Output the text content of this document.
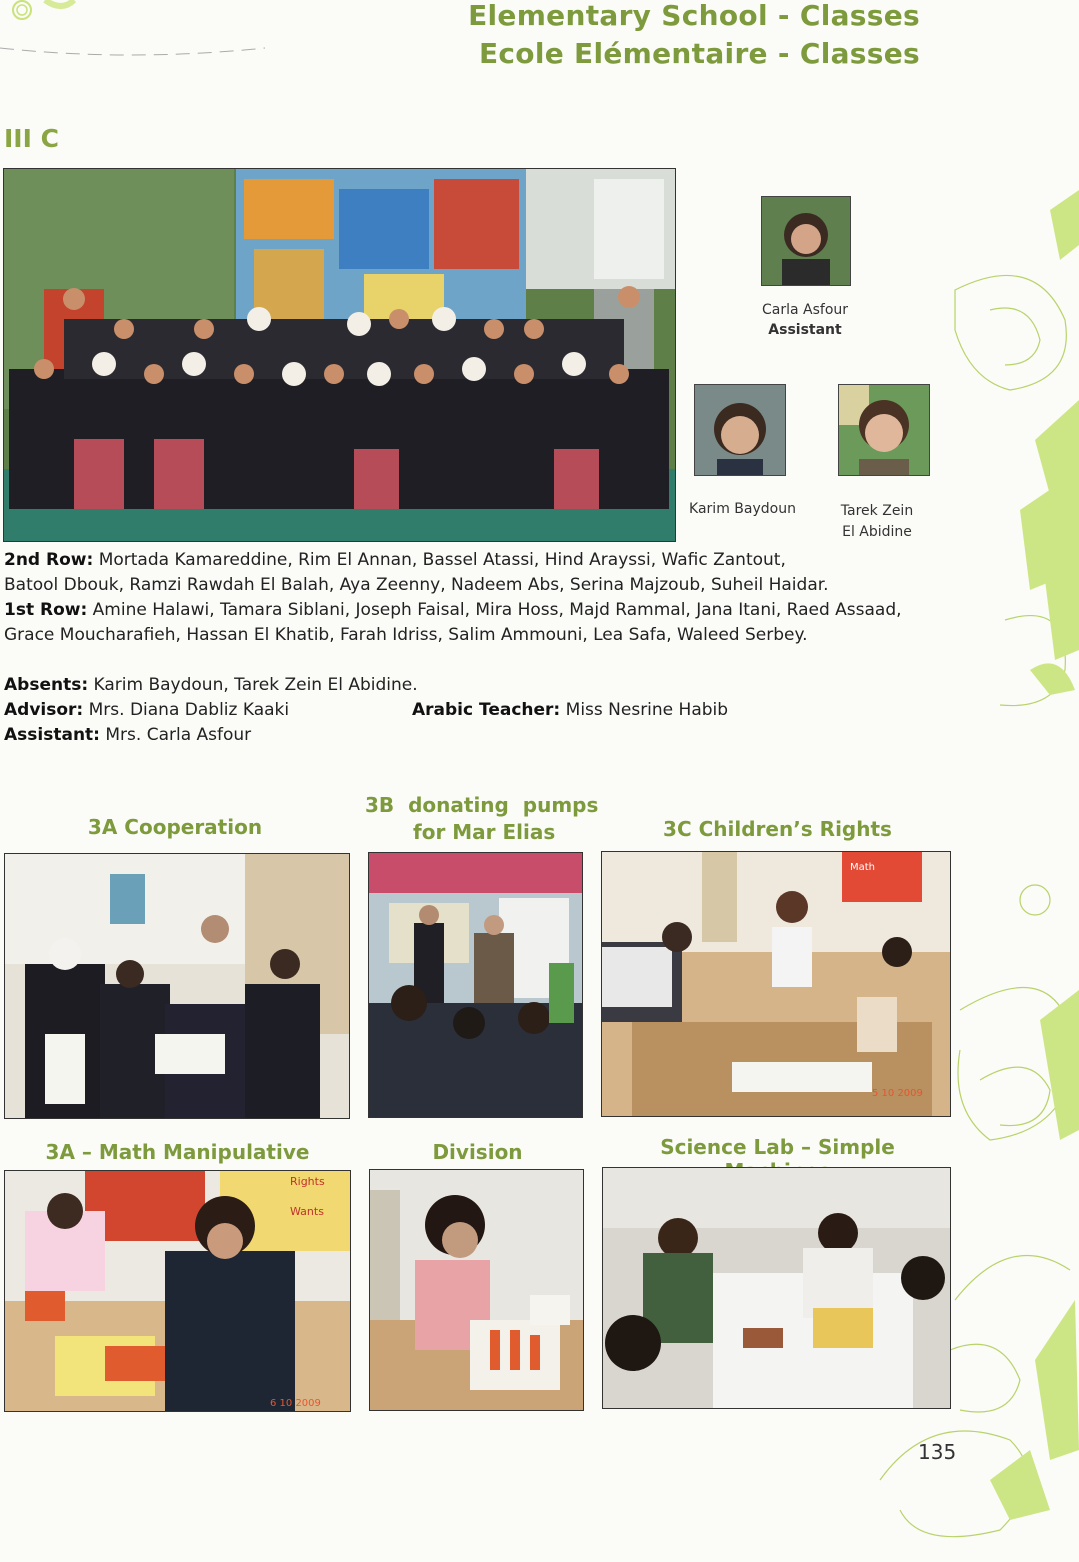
Elementary School - Classes
Ecole Elémentaire - Classes
III C
Carla Asfour
Assistant
Karim Baydoun	Tarek Zein
El Abidine
2nd Row: Mortada Kamareddine, Rim El Annan, Bassel Atassi, Hind Arayssi, Wafic Zantout,
Batool Dbouk, Ramzi Rawdah El Balah, Aya Zeenny, Nadeem Abs, Serina Majzoub, Suheil Haidar.
1st Row: Amine Halawi, Tamara Siblani, Joseph Faisal, Mira Hoss, Majd Rammal, Jana Itani, Raed Assaad,
Grace Moucharafieh, Hassan El Khatib, Farah Idriss, Salim Ammouni, Lea Safa, Waleed Serbey.
Absents: Karim Baydoun, Tarek Zein El Abidine.
Advisor: Mrs. Diana Dabliz Kaaki
Assistant: Mrs. Carla Asfour
Arabic Teacher: Miss Nesrine Habib
3A Cooperation
3B  donating  pumps
for Mar Elias	3C Children’s Rights
Math
5 10 2009
3A – Math Manipulative	Division	Science Lab – Simple
Rights
Wants
6 10 2009
135
